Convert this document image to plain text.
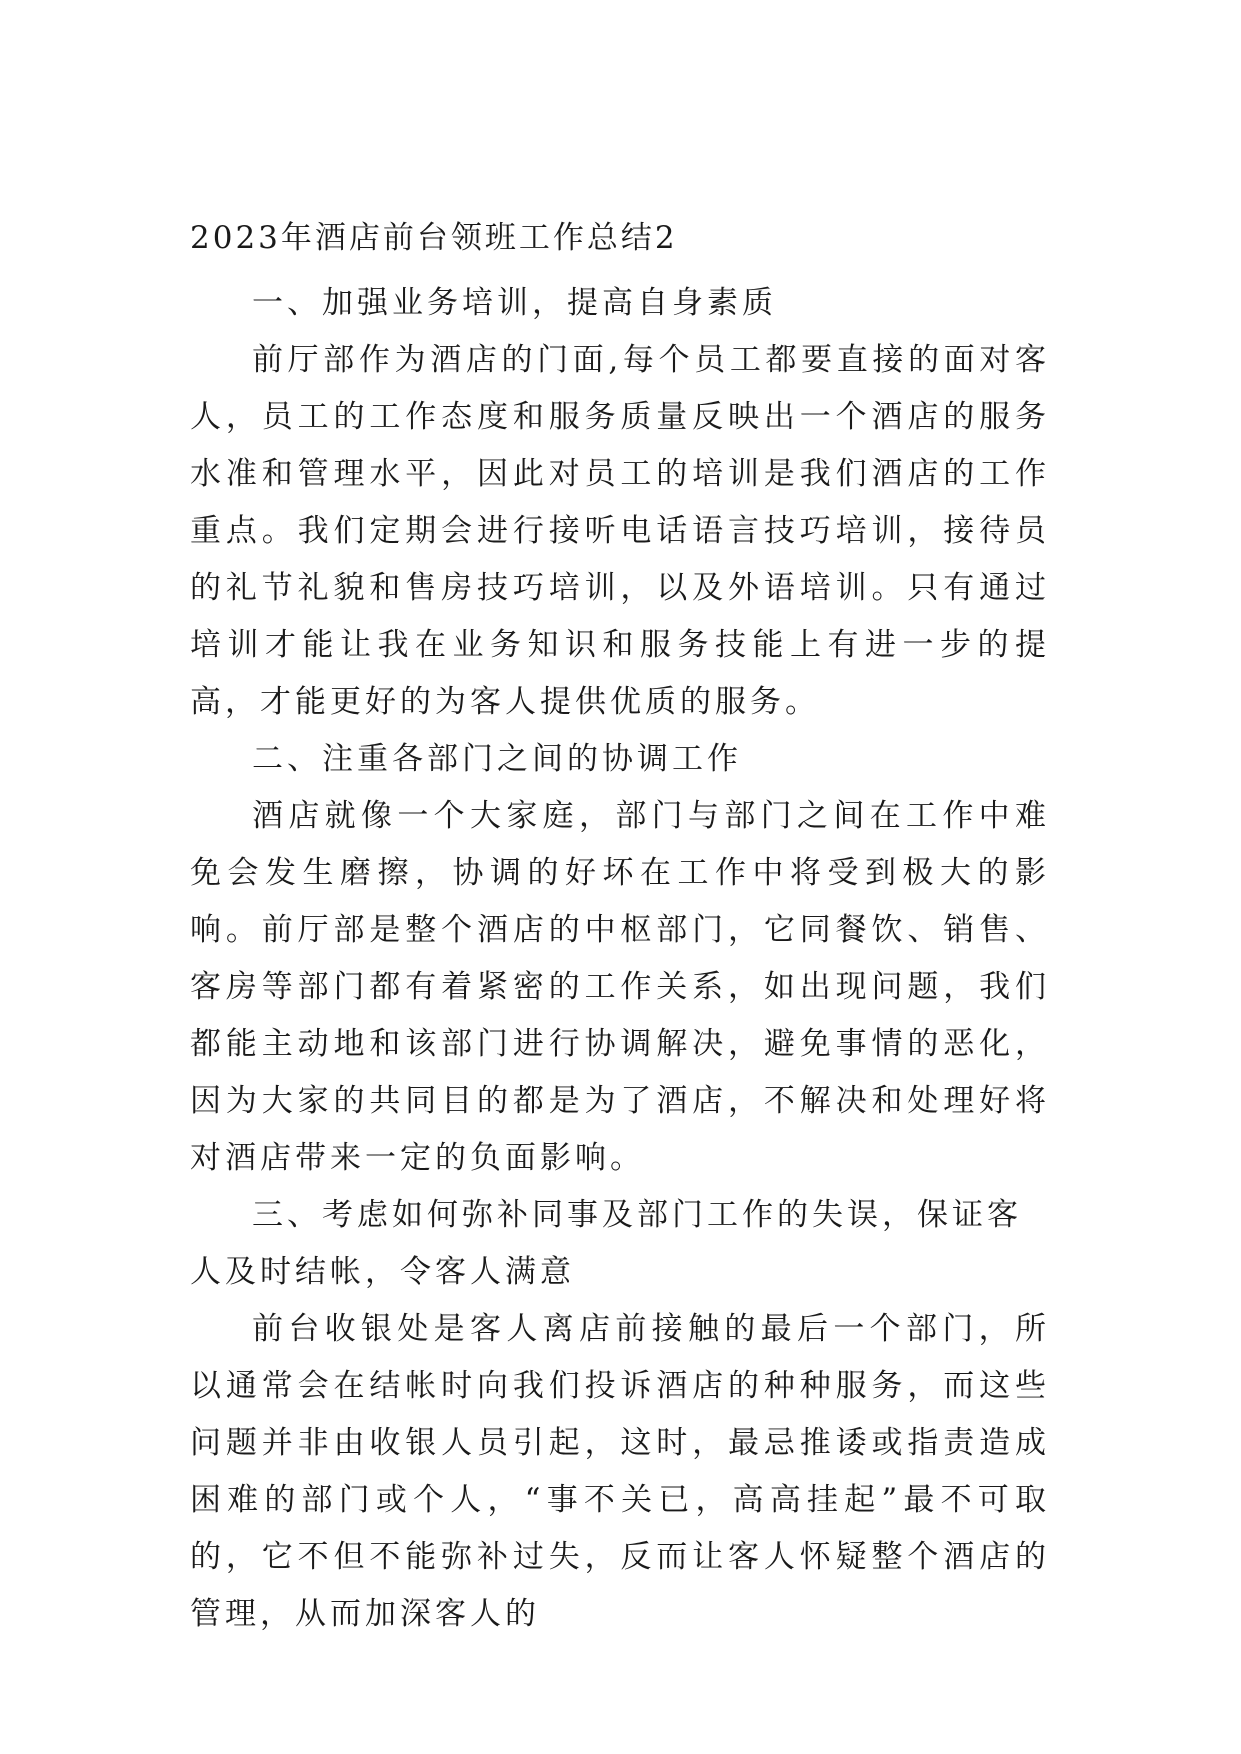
2023年酒店前台领班工作总结2

一、加强业务培训，提高自身素质

前厅部作为酒店的门面,每个员工都要直接的面对客人，员工的工作态度和服务质量反映出一个酒店的服务水准和管理水平，因此对员工的培训是我们酒店的工作重点。我们定期会进行接听电话语言技巧培训，接待员的礼节礼貌和售房技巧培训，以及外语培训。只有通过培训才能让我在业务知识和服务技能上有进一步的提高，才能更好的为客人提供优质的服务。

二、注重各部门之间的协调工作

酒店就像一个大家庭，部门与部门之间在工作中难免会发生磨擦，协调的好坏在工作中将受到极大的影响。前厅部是整个酒店的中枢部门，它同餐饮、销售、客房等部门都有着紧密的工作关系，如出现问题，我们都能主动地和该部门进行协调解决，避免事情的恶化，因为大家的共同目的都是为了酒店，不解决和处理好将对酒店带来一定的负面影响。

三、考虑如何弥补同事及部门工作的失误，保证客人及时结帐，令客人满意

前台收银处是客人离店前接触的最后一个部门，所以通常会在结帐时向我们投诉酒店的种种服务，而这些问题并非由收银人员引起，这时，最忌推诿或指责造成困难的部门或个人，“事不关已，高高挂起”最不可取的，它不但不能弥补过失，反而让客人怀疑整个酒店的管理，从而加深客人的
